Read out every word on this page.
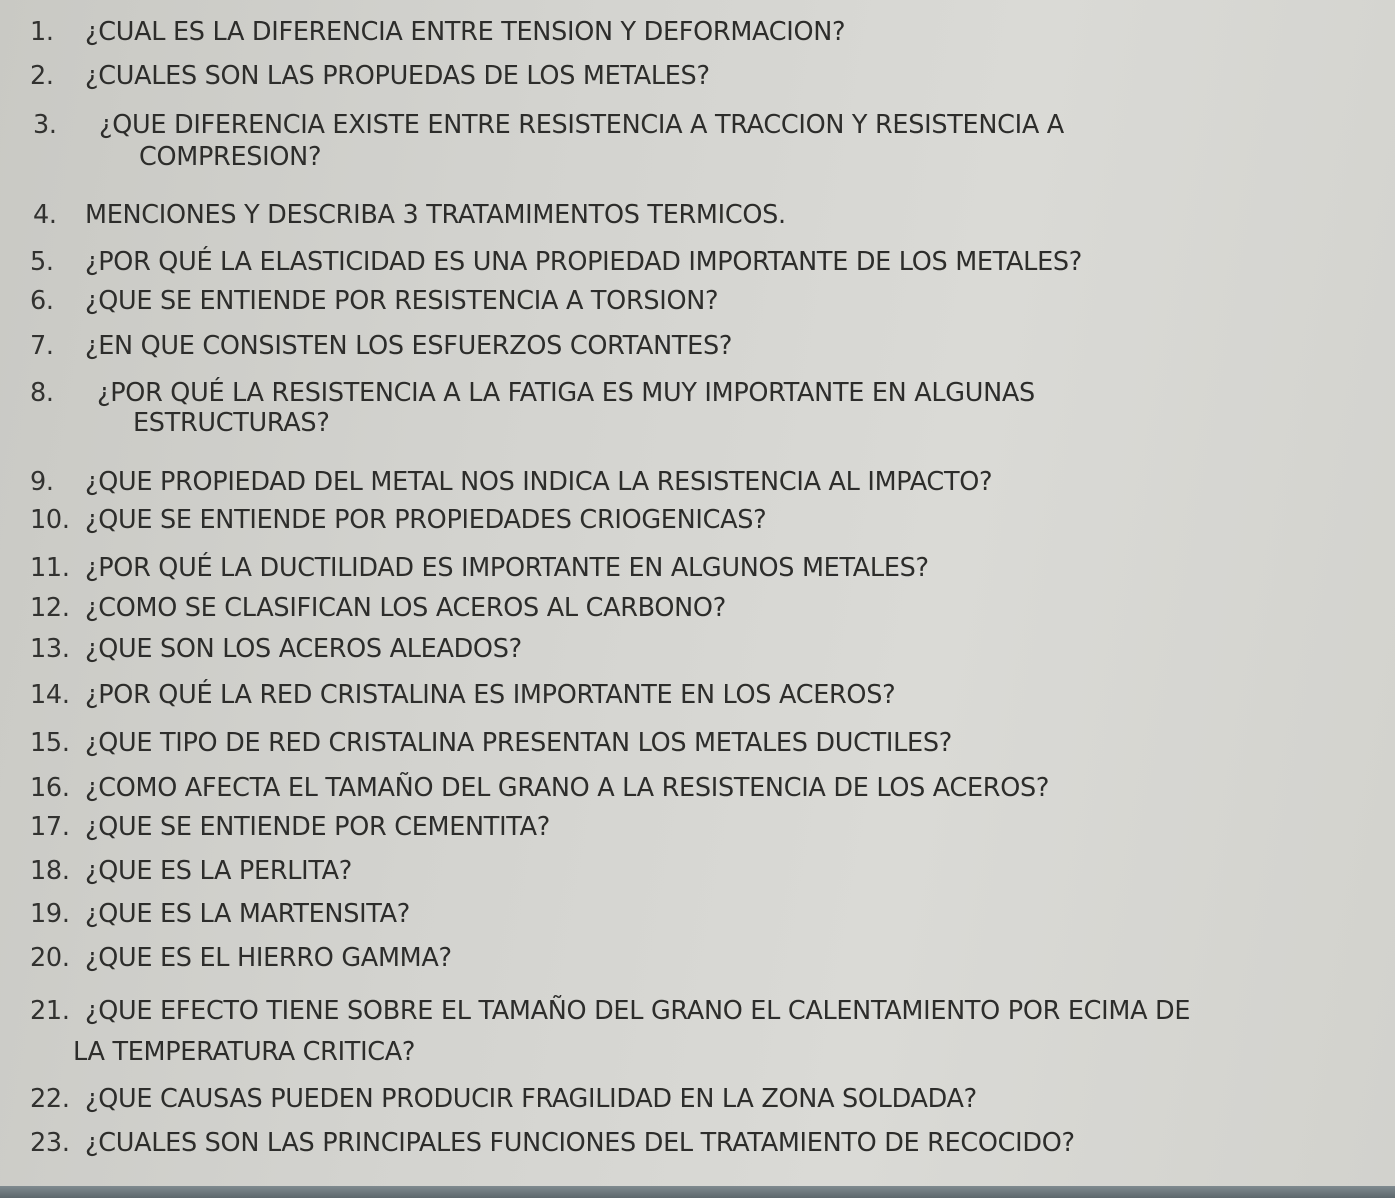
1. ¿CUAL ES LA DIFERENCIA ENTRE TENSION Y DEFORMACION?
2. ¿CUALES SON LAS PROPUEDAS DE LOS METALES?
3. ¿QUE DIFERENCIA EXISTE ENTRE RESISTENCIA A TRACCION Y RESISTENCIA A
COMPRESION?
4. MENCIONES Y DESCRIBA 3 TRATAMIMENTOS TERMICOS.
5. ¿POR QUÉ LA ELASTICIDAD ES UNA PROPIEDAD IMPORTANTE DE LOS METALES?
6. ¿QUE SE ENTIENDE POR RESISTENCIA A TORSION?
7. ¿EN QUE CONSISTEN LOS ESFUERZOS CORTANTES?
8. ¿POR QUÉ LA RESISTENCIA A LA FATIGA ES MUY IMPORTANTE EN ALGUNAS
ESTRUCTURAS?
9. ¿QUE PROPIEDAD DEL METAL NOS INDICA LA RESISTENCIA AL IMPACTO?
10. ¿QUE SE ENTIENDE POR PROPIEDADES CRIOGENICAS?
11. ¿POR QUÉ LA DUCTILIDAD ES IMPORTANTE EN ALGUNOS METALES?
12. ¿COMO SE CLASIFICAN LOS ACEROS AL CARBONO?
13. ¿QUE SON LOS ACEROS ALEADOS?
14. ¿POR QUÉ LA RED CRISTALINA ES IMPORTANTE EN LOS ACEROS?
15. ¿QUE TIPO DE RED CRISTALINA PRESENTAN LOS METALES DUCTILES?
16. ¿COMO AFECTA EL TAMAÑO DEL GRANO A LA RESISTENCIA DE LOS ACEROS?
17. ¿QUE SE ENTIENDE POR CEMENTITA?
18. ¿QUE ES LA PERLITA?
19. ¿QUE ES LA MARTENSITA?
20. ¿QUE ES EL HIERRO GAMMA?
21. ¿QUE EFECTO TIENE SOBRE EL TAMAÑO DEL GRANO EL CALENTAMIENTO POR ECIMA DE
LA TEMPERATURA CRITICA?
22. ¿QUE CAUSAS PUEDEN PRODUCIR FRAGILIDAD EN LA ZONA SOLDADA?
23. ¿CUALES SON LAS PRINCIPALES FUNCIONES DEL TRATAMIENTO DE RECOCIDO?
